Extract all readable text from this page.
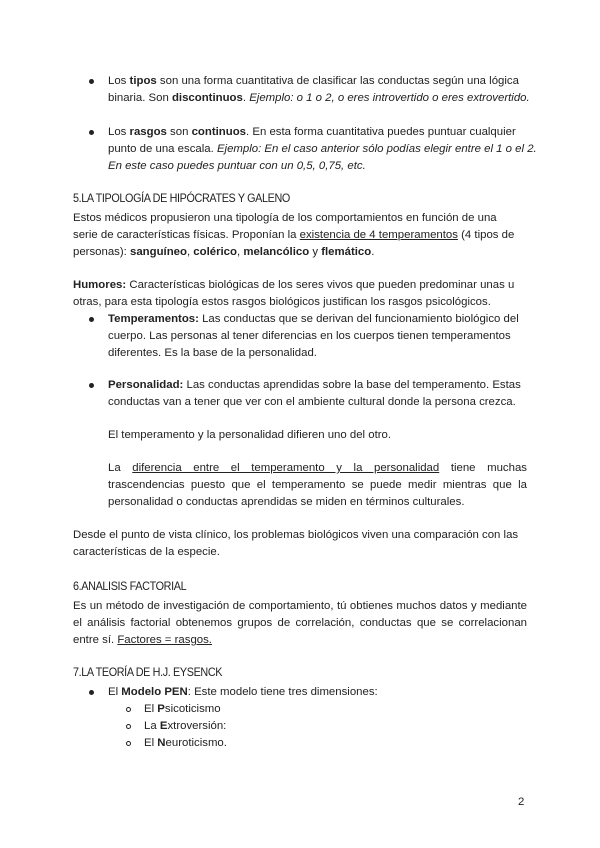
Los tipos son una forma cuantitativa de clasificar las conductas según una lógica
binaria. Son discontinuos. Ejemplo: o 1 o 2, o eres introvertido o eres extrovertido.
Los rasgos son continuos. En esta forma cuantitativa puedes puntuar cualquier
punto de una escala. Ejemplo: En el caso anterior sólo podías elegir entre el 1 o el 2.
En este caso puedes puntuar con un 0,5, 0,75, etc.
5.LA TIPOLOGÍA DE HIPÓCRATES Y GALENO
Estos médicos propusieron una tipología de los comportamientos en función de una
serie de características físicas. Proponían la existencia de 4 temperamentos (4 tipos de
personas): sanguíneo, colérico, melancólico y flemático.
Humores: Características biológicas de los seres vivos que pueden predominar unas u
otras, para esta tipología estos rasgos biológicos justifican los rasgos psicológicos.
Temperamentos: Las conductas que se derivan del funcionamiento biológico del
cuerpo. Las personas al tener diferencias en los cuerpos tienen temperamentos
diferentes. Es la base de la personalidad.
Personalidad: Las conductas aprendidas sobre la base del temperamento. Estas
conductas van a tener que ver con el ambiente cultural donde la persona crezca.
El temperamento y la personalidad difieren uno del otro.
La diferencia entre el temperamento y la personalidad tiene muchas trascendencias puesto que el temperamento se puede medir mientras que la personalidad o conductas aprendidas se miden en términos culturales.
Desde el punto de vista clínico, los problemas biológicos viven una comparación con las
características de la especie.
6.ANALISIS FACTORIAL
Es un método de investigación de comportamiento, tú obtienes muchos datos y mediante el análisis factorial obtenemos grupos de correlación, conductas que se correlacionan entre sí. Factores = rasgos.
7.LA TEORÍA DE H.J. EYSENCK
El Modelo PEN: Este modelo tiene tres dimensiones:
El Psicoticismo
La Extroversión:
El Neuroticismo.
2
